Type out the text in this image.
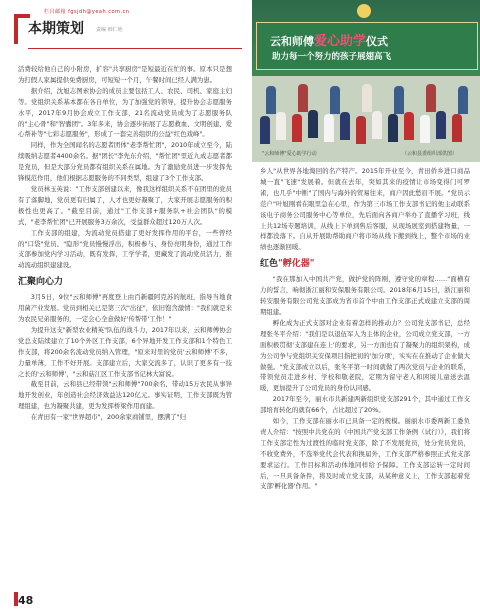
栏目邮箱 fgsjdh@yeah.com.cn
本期策划 责编 韩仁艳
云和师傅爱心助学仪式
助力每一个努力的孩子展翅高飞
"云和师傅"爱心助学行动	（云和县委组织部供图）

活费较给他自己的小附房，扩容"共享厨房"是短最近在忙的事。原本只是想为打假人家属提供免费厨房，可短短一个月，午餐时间已经人满为患。

据介绍，沈旭志图索协会的成员主要包括工人、农民、司机、家庭主妇等。党组织关系基本都在各自单位，为了加强党的领导，提升协会志愿服务水平，2017年9月协会成立工作支部，21名流动党员成为了志愿服务队的"主心骨"和"智囊团"。3年多来，协会逐步拓展了志愿救血、文明创建、爱心帮补等"七彩志愿服务"，形成了一套完善组织的公益"红色戏峰"。

同样，作为全国闻名的志愿者团体"老李帮忙团"，2010年成立至今，陆续吸纳志愿者4400余名。据"团长"李先东介绍，"帮忙团"里近九成志愿者都是党员，但是大部分党员都有组织关系在属地。为了激励党员进一步发挥先锋模范作用，他们根据志愿服务的不同类型，组建了3个工作支部。

党员林玉英说："工作支部创建以来，像我这样组织关系不在团里的党员有了落脚地，党员更有归属了，人才也更好凝聚了，大家开展志愿服务的积极性也更高了。"截至目前，通过"工作支部+服务队+社会团队"的模式，"老李帮忙团"已开展服务3万余次，受益群众超过120万人次。

工作支部的组建，为流动党员搭建了更好发挥作用的平台，一些曾经的"口袋"党员、"隐形"党员慢慢浮出，积极参与、身份亮明身份，通过工作支部参加党内学习活动，既有发挥，工学学者，更藏发了流动党员活力，推动流动组织建建设。

汇聚向心力

3月5日，9位"云和师傅"再度登上由百新疆阿克苏的航班，指导当地食用菌产业发展。党员到相关已是第三次"出征"，依旧饱含激情："我们就是来为农民兄弟服务的，一定会心全意做好'传帮带'工作！"

为提升这支"新型农业精英"队伍的战斗力，2017年以来，云和师傅协会党总支陆续建立了10个外区工作支部，6个异地开发工作支部和1个特色工作支部，将200余名流动党员纳入管理，"原来对里的党员'云和师傅'不多，力量单薄，工作不好开展。支部建立后，大家交流多了，认识了更多有一技之长的'云和师傅'，"云和菇江区工作支部书记林大富说。

截至目前，云和县已经带领"云和师傅"700余名，带动15万农民从事异地开发创业，年创造社会经济效益达120亿元。事实证明，工作支部既为管理组建，也为凝聚共建，更为发挥桥梁作用而建。

在青田有一家"世界超市"，200余家商铺里，摆满了"归

乡人"从世界各地淘回的名产特产。2015年开业至今，青田侨乡进口商品城一直"飞速"发展着。但就在去年，突如其来的疫情让市场变得门可罗雀，也几乎"中断"了国内与海外的贸易往来，商户因此愁眉不展。"党员示范户"叶旭刚看在眼里急在心里，作为第三市场工作支部书记的他主动联系该电子商务公司服务中心等单位，先后面向各商户举办了直播学习班，线上共12场专题培训，从线上下单到售后客服，从现场展室到搭建物量，一样都没落下。自从开展助帮助商户将市场从线下搬到线上，整个市场的业绩也逐渐回暖。

红色"孵化器"

"我在那加入中国共产党，做护党的阵刚，遵守党的章程……"面横有力的誓言，响彻浙江丽和安保服务有限公司。2018年6月15日，浙江丽和转安服务有限公司党支部成为省市首个中由工作支部正式成建立支部的周期组建。

孵化成为正式支部对企业有着怎样的推动力？公司党支部书记，总经理张冬平介绍："我们是以退伍军人为主体的企业，公司成立党支部，一方面积极贯彻'支部建在连上'的要求，另一方面也有了凝聚力的组织架构，成为公司争与党组织关安保项目指把初的'加分项'，实实在在推动了企业做大做强。"党支部成立以后，张冬平第一时间就做了两次党员与企业的联系，带领党员走进乡村、学校和敬老院，定期为留守老人和困境儿童送去温暖，更加提升了公司党员的身份认同感。

2017年至今，丽水市共新建两新组织党支部291个，其中通过工作支部培育转化的就有66个，占比超过了20%。

如今，工作支部在丽水市已具备一定的规模。丽丽水市委两新工委负责人介绍："按照中共党在的《中国共产党支部工作条例（试行）》，我们将工作支部定性为过渡性的临时党支部，除了不发展党员，处分党员党员，不收党费外，不选举党代会代表和换届外，工作支部严格参照正式党支部要求运行。工作目标和活动体地同样给予保障。工作支部运转一定时间后，一旦具备条件，将及时成立党支部，从某种意义上，工作支部起着党支部'孵化器'作用。"

48
